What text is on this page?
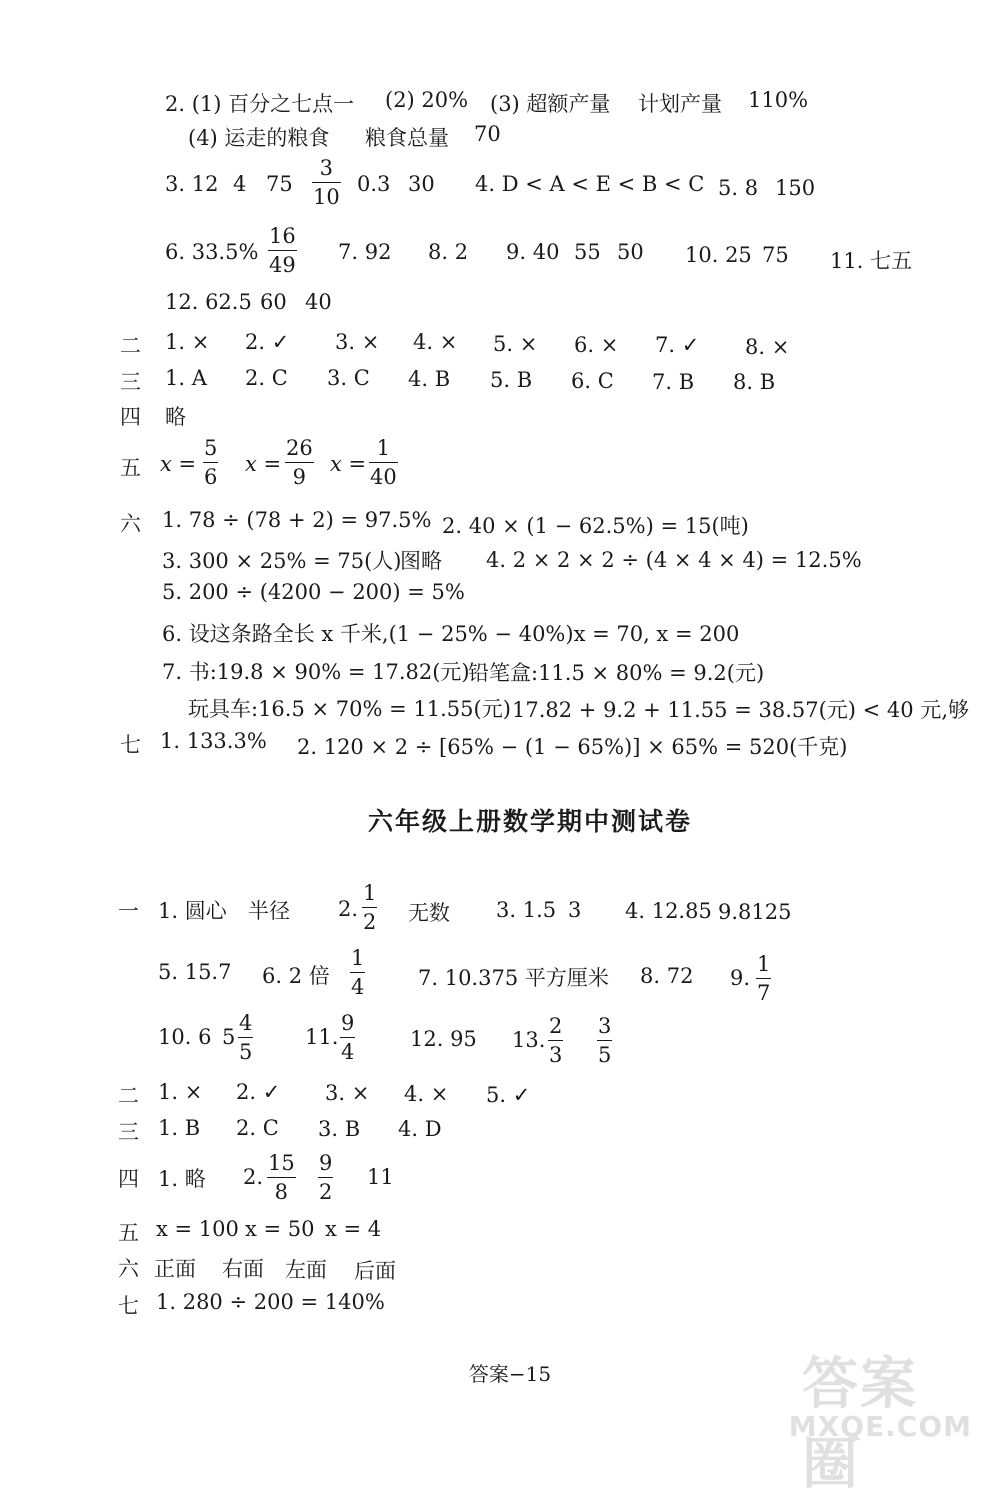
2. (1) 百分之七点一 (2) 20% (3) 超额产量 计划产量 110%
(4) 运走的粮食 粮食总量 70
3. 12 4 75
3
10
0.3 30 4. D < A < E < B < C 5. 8 150
6. 33.5%
16
49
7. 92 8. 2 9. 40 55 50 10. 25 75 11. 七五
12. 62.5 60 40
二 1. × 2. ✓ 3. × 4. × 5. × 6. × 7. ✓ 8. ×
三 1. A 2. C 3. C 4. B 5. B 6. C 7. B 8. B
四 略
五 x =
5
6
x =
26
9
x =
1
40
六 1. 78 ÷ (78 + 2) = 97.5% 2. 40 × (1 − 62.5%) = 15(吨)
3. 300 × 25% = 75(人)
图略 4. 2 × 2 × 2 ÷ (4 × 4 × 4) = 12.5%
5. 200 ÷ (4200 − 200) = 5%
6. 设这条路全长 x 千米,(1 − 25% − 40%)x = 70, x = 200
7. 书:19.8 × 90% = 17.82(元)
铅笔盒:11.5 × 80% = 9.2(元)
玩具车:16.5 × 70% = 11.55(元) 17.82 + 9.2 + 11.55 = 38.57(元) < 40 元,够
七 1. 133.3% 2. 120 × 2 ÷ [65% − (1 − 65%)] × 65% = 520(千克)
六年级上册数学期中测试卷
一 1. 圆心 半径 2.
1
2 无数 3. 1.5 3 4. 12.85 9.8125
5. 15.7 6. 2 倍
1
4	7. 10.375 平方厘米 8. 72 9.
1
7
10. 6 5
4
5
11.
9
4
12. 95 13.
2
3
3
5
二 1. × 2. ✓ 3. × 4. × 5. ✓
三 1. B 2. C 3. B 4. D
四 1. 略 2.
15
8
9
2
11
五 x = 100 x = 50 x = 4
六 正面 右面 左面 后面
七 1. 280 ÷ 200 = 140%
答案−15	答案圈
MXQE.COM
